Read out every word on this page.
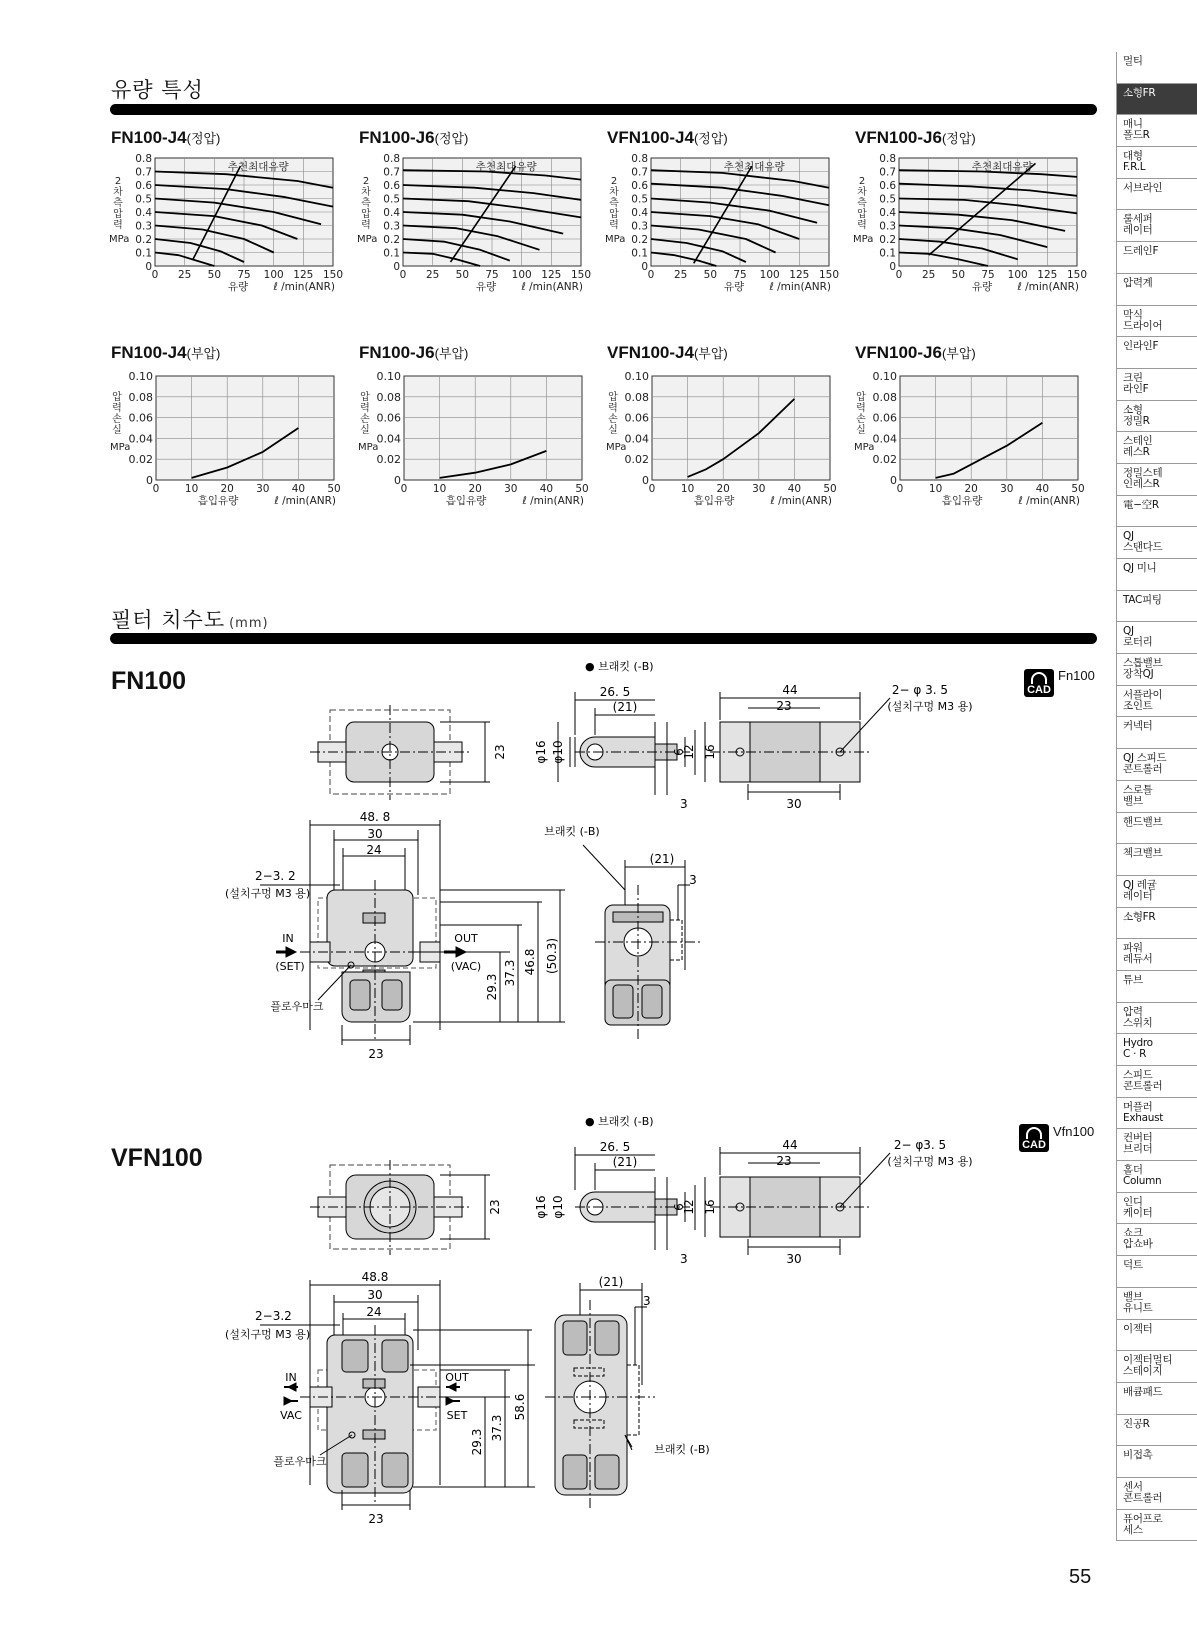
유량 특성
FN100-J4(정압)	FN100-J6(정압)	VFN100-J4(정압)	VFN100-J6(정압)
FN100-J4(부압)	FN100-J6(부압)	VFN100-J4(부압)	VFN100-J6(부압)
0
0.1
0.2
0.3
0.4
0.5
0.6
0.7
0.8
0 25 50 75 100 125 150
2
차
측
압
력
MPa
유량 ℓ /min(ANR)
추천최대유량
0
0.1
0.2
0.3
0.4
0.5
0.6
0.7
0.8
0 25 50 75 100 125 150
2
차
측
압
력
MPa
유량 ℓ /min(ANR)
추천최대유량
0
0.1
0.2
0.3
0.4
0.5
0.6
0.7
0.8
0 25 50 75 100 125 150
2
차
측
압
력
MPa
유량 ℓ /min(ANR)
추천최대유량
0
0.1
0.2
0.3
0.4
0.5
0.6
0.7
0.8
0 25 50 75 100 125 150
2
차
측
압
력
MPa
유량 ℓ /min(ANR)
추천최대유량
0
0.02
0.04
0.06
0.08
0.10
0 10 20 30 40 50
압
력
손
실
MPa
흡입유량	ℓ /min(ANR)
0
0.02
0.04
0.06
0.08
0.10
0 10 20 30 40 50
압
력
손
실
MPa
흡입유량	ℓ /min(ANR)
0
0.02
0.04
0.06
0.08
0.10
0 10 20 30 40 50
압
력
손
실
MPa
흡입유량	ℓ /min(ANR)
0
0.02
0.04
0.06
0.08
0.10
0 10 20 30 40 50
압
력
손
실
MPa
흡입유량	ℓ /min(ANR)
필터 치수도 (mm)
FN100	CAD
Fn100
23
● 브래킷 (-B)
26. 5
(21)
φ16 φ10	6
12 16
3
44
23
30
2− φ 3. 5
(설치구멍 M3 용)
48. 8
30
24
2−3. 2
(설치구멍 M3 용)
IN
(SET)
OUT
(VAC)
플로우마크
29.3
37.3 46.8 (50.3)
23
브래킷 (-B)
(21)
3
VFN100	CAD
Vfn100
23
● 브래킷 (-B)
26. 5
(21)
φ16 φ10	6
12 16
3
44
23
30
2− φ3. 5
(설치구멍 M3 용)
48.8
30
24
2−3.2
(설치구멍 M3 용)
IN
VAC
OUT
SET
플로우마크
29.3
37.3
58.6
23
(21)
3
브래킷 (-B)
멀티
소형FR
매니
폴드R
대형
F.R.L
서브라인
룰세퍼
레이터
드레인F
압력계
막식
드라이어
인라인F
크린
라인F
소형
정밀R
스테인
레스R
정밀스테
인레스R
電−空R
QJ
스탠다드
QJ 미니
TAC피팅
QJ
로터리
스톱밸브
장착QJ
서플라이
조인트
커넥터
QJ 스피드
콘트롤러
스로틀
밸브
핸드밸브
첵크밸브
QJ 레귤
레이터
소형FR
파워
레듀서
튜브
압력
스위치
Hydro
C · R
스피드
콘트롤러
머플러
Exhaust
컨버터
브리더
홀더
Column
인디
케이터
쇼크
압쇼바
덕트
밸브
유니트
이젝터
이젝터멀티
스테이지
배큠패드
진공R
비접촉
센서
콘트롤러
퓨어프로
세스
55
